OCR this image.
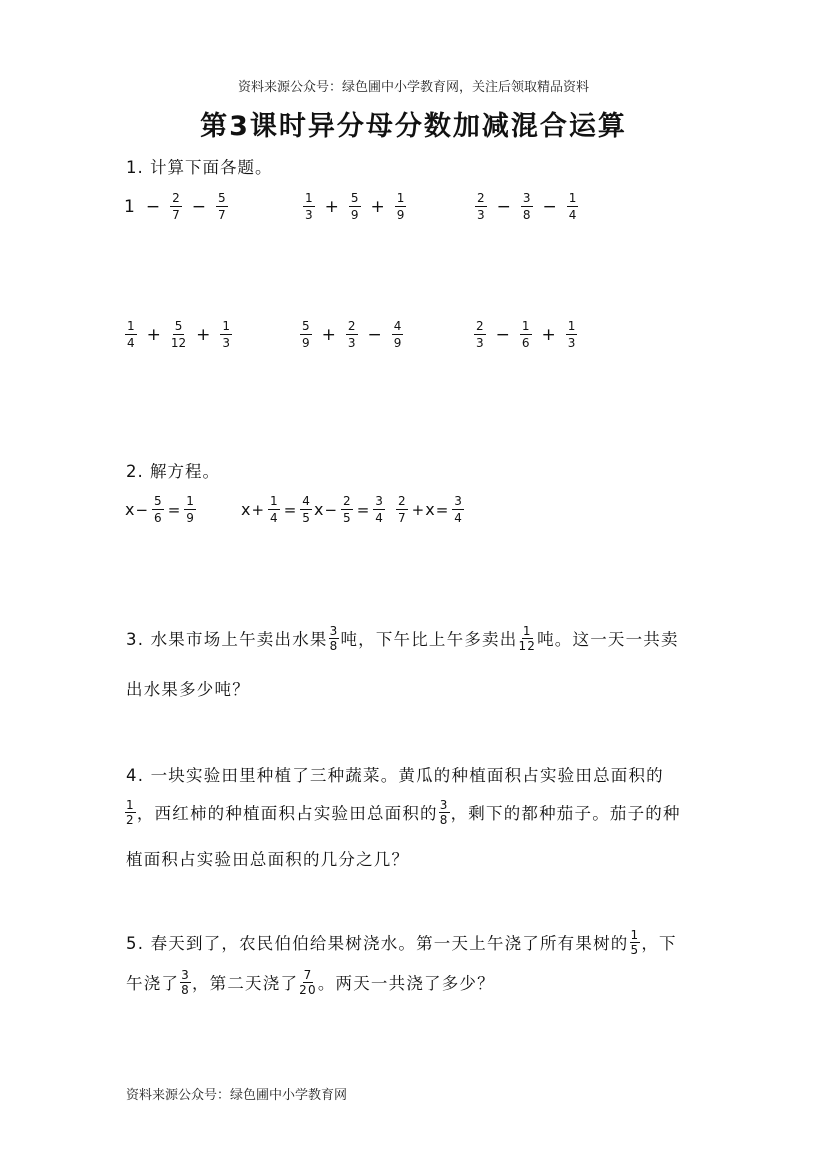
资料来源公众号：绿色圃中小学教育网，关注后领取精品资料
第3课时异分母分数加减混合运算
1. 计算下面各题。
$1 - \frac{2}{7} - \frac{5}{7}$	$\frac{1}{3} + \frac{5}{9} + \frac{1}{9}$	$\frac{2}{3} - \frac{3}{8} - \frac{1}{4}$
$\frac{1}{4} + \frac{5}{12} + \frac{1}{3}$	$\frac{5}{9} + \frac{2}{3} - \frac{4}{9}$	$\frac{2}{3} - \frac{1}{6} + \frac{1}{3}$
2. 解方程。
$x - \frac{5}{6} = \frac{1}{9}$	$x + \frac{1}{4} = \frac{4}{5}$ $x - \frac{2}{5} = \frac{3}{4} \frac{2}{7} + x = \frac{3}{4}$
3. 水果市场上午卖出水果 $\frac{3}{8}$ 吨，下午比上午多卖出 $\frac{1}{12}$ 吨。这一天一共卖
出水果多少吨？
4. 一块实验田里种植了三种蔬菜。黄瓜的种植面积占实验田总面积的
$\frac{1}{2}$ ，西红柿的种植面积占实验田总面积的 $\frac{3}{8}$ ，剩下的都种茄子。茄子的种
植面积占实验田总面积的几分之几？
5. 春天到了，农民伯伯给果树浇水。第一天上午浇了所有果树的 $\frac{1}{5}$ ，下
午浇了 $\frac{3}{8}$ ，第二天浇了 $\frac{7}{20}$ 。两天一共浇了多少？
资料来源公众号：绿色圃中小学教育网
